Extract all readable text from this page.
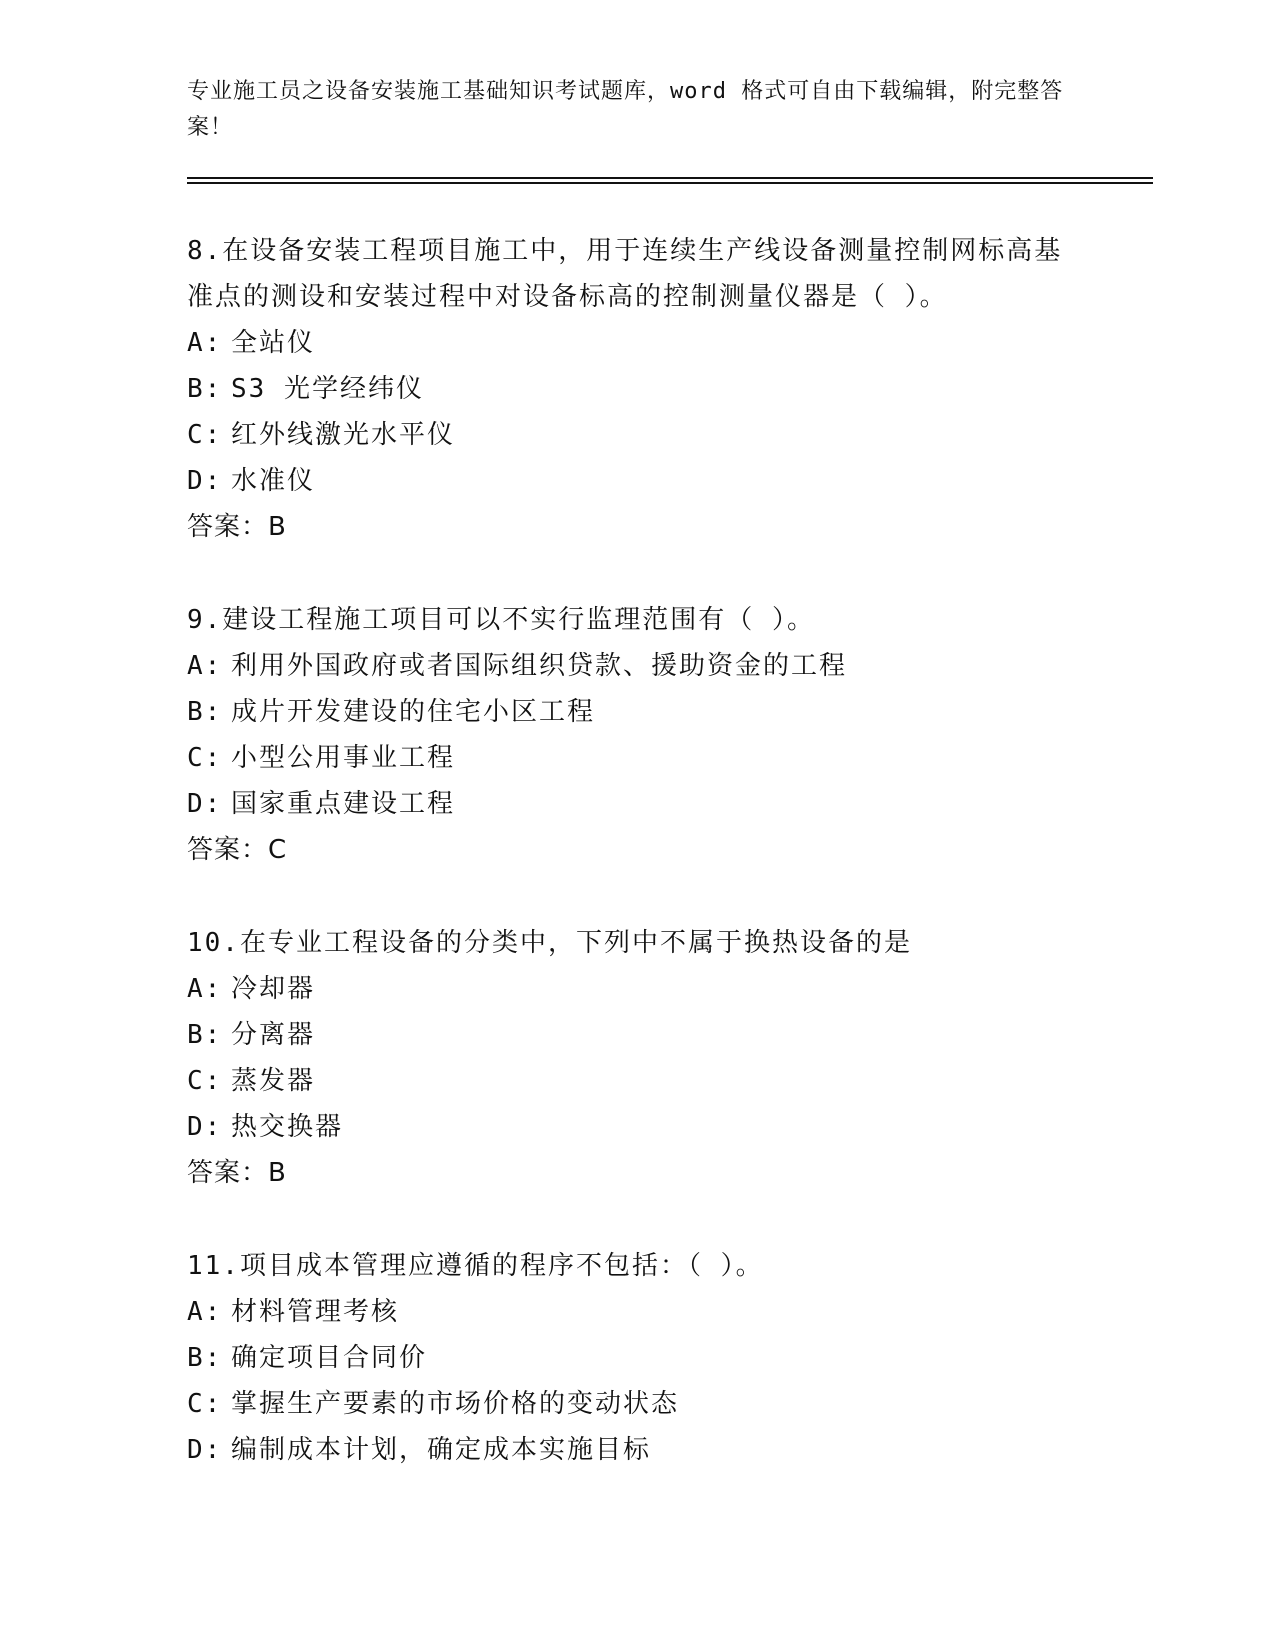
专业施工员之设备安装施工基础知识考试题库，word 格式可自由下载编辑，附完整答案！

8.在设备安装工程项目施工中，用于连续生产线设备测量控制网标高基准点的测设和安装过程中对设备标高的控制测量仪器是（ ）。

A: 全站仪

B: S3 光学经纬仪

C: 红外线激光水平仪

D: 水准仪

答案：B

9.建设工程施工项目可以不实行监理范围有（ ）。

A: 利用外国政府或者国际组织贷款、援助资金的工程

B: 成片开发建设的住宅小区工程

C: 小型公用事业工程

D: 国家重点建设工程

答案：C

10.在专业工程设备的分类中，下列中不属于换热设备的是

A: 冷却器

B: 分离器

C: 蒸发器

D: 热交换器

答案：B

11.项目成本管理应遵循的程序不包括：（ ）。

A: 材料管理考核

B: 确定项目合同价

C: 掌握生产要素的市场价格的变动状态

D: 编制成本计划，确定成本实施目标
